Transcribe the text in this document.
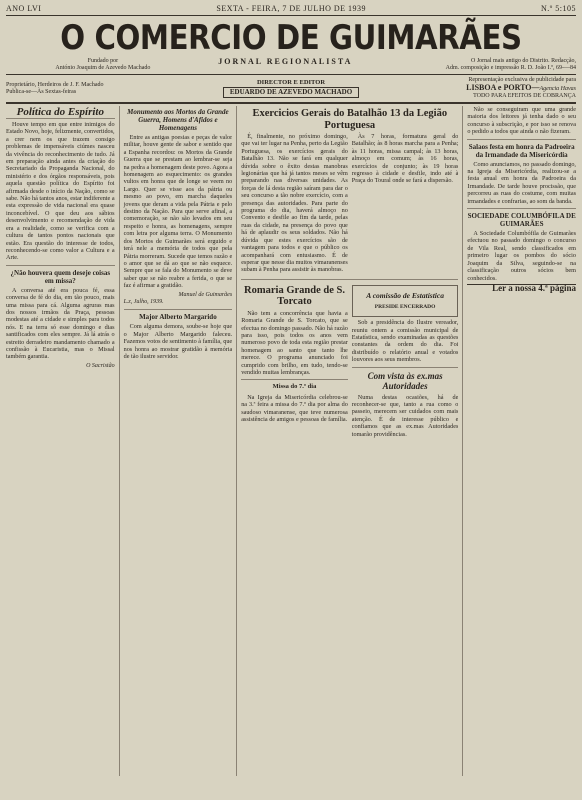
ANO LVI	SEXTA - FEIRA, 7 DE JULHO DE 1939	N.º 5:105
O COMERCIO DE GUIMARÃES
Fundado por
António Joaquim de Azevedo Machado
JORNAL REGIONALISTA	O Jornal mais antigo do Distrito. Redacção,
Adm. composição e impressão R. D. João I.º, 69-—84
Proprietário, Herdeiros de J. F. Machado
Publica-se—Às Sextas-feiras
DIRECTOR E EDITOR
EDUARDO DE AZEVEDO MACHADO
Representação exclusiva de publicidade para
LISBOA e PORTO—Agencia Havas
TODO PARA EFEITOS DE COBRANÇA
Política do Espírito

Houve tempo em que entre inimigos do Estado Novo, hoje, felizmente, convertidos, a crer nem os que trazem consigo problemas de impensáveis ciúmes nasceu da vivência do reconhecimento de tudo. Já em preparação ainda antes da criação do Secretariado da Propaganda Nacional, do ministério e dos órgãos responsáveis, pois aquela questão política do Espírito foi afirmada desde o início da Nação, como se sabe. Não há tantos anos, estar indiferente a esta expressão de vida nacional era quase inconcebível. O que deu aos sábios desenvolvimento e recomendação de vida era a realidade, como se verifica com a cultura de tantos pontos nacionais que estão. Era questão do interesse de todos, reconhecendo-se como valor a Cultura e a Arte.

¿Não houvera quem deseje coisas em missa?

A conversa até era pouca fé, essa conversa de fé do dia, em tão pouco, mais uma missa para cá. Alguma agruras mas dos nossos irmãos da Praça, pessoas modestas até a cidade e simples para todos nós. E na terra só esse domingo e dias santificados com eles sempre. Já lá atrás o estreito derradeiro mandamento chamado a confissão à Eucaristia, mas o Missal também garantia.

O Sacristão
Monumento aos Mortos da Grande Guerra, Homens d'Afidos e Homenagens

Entre as antigas poesias e peças de valor militar, houve gente de sabor e sentido que a Espanha recordou: os Mortos da Grande Guerra que se prestam ao lembrar-se seja na pedra a homenagem deste povo. Agora a homenagem ao esquecimento: os grandes vultos em honra que de longe se veem no Largo. Quer se visse aos da pátria ou mesmo ao povo, em marcha daqueles jovens que deram a vida pela Pátria e pelo destino da Nação. Para que serve afinal, a comemoração, se não são levados em seu respeito e honra, as homenagens, sempre com letra por alguma terra. O Monumento dos Mortos de Guimarães será erguido e terá nele a memória de todos que pela Pátria morreram. Sucede que temos razão e o amor que se dá ao que se não esquece. Sempre que se fala do Monumento se deve saber que se não reabre a ferida, o que se faz é afirmar a gratidão.

Manuel de Guimarães
L.z, Julho, 1939.
Major Alberto Margarido

Com alguma demora, soube-se hoje que o Major Alberto Margarido faleceu. Fazemos votos de sentimento à família, que nos honra ao mostrar gratidão à memória de tão ilustre servidor.

Exercicios Gerais do Batalhão 13 da Legião Portuguesa

É, finalmente, no próximo domingo, que vai ter lugar na Penha, perto da Legião Portuguesa, os exercícios gerais do Batalhão 13. Não se fará em qualquer dúvida sobre o êxito destas manobras legionárias que há já tantos meses se vêm preparando nas diversas unidades. As forças de lá desta região saíram para dar o seu concurso a tão nobre exercício, com a presença das autoridades. Para parte do programa do dia, haverá almoço no Convento e desfile ao fim da tarde, pelas ruas da cidade, na presença do povo que há de aplaudir os seus soldados. Não há dúvida que estes exercícios são de vantagem para todos e que o público os acompanhará com entusiasmo. É de esperar que nesse dia muitos vimaranenses subam à Penha para assistir às manobras.

Às 7 horas, formatura geral do Batalhão; às 8 horas marcha para a Penha; às 11 horas, missa campal; às 13 horas, almoço em comum; às 16 horas, exercícios de conjunto; às 19 horas regresso à cidade e desfile, indo até à Praça do Toural onde se fará a dispersão.

Romaria Grande de S. Torcato

Não tem a concorrência que havia a Romaria Grande de S. Torcato, que se efectua no domingo passado. Não há razão para isso, pois todos os anos vem numeroso povo de toda esta região prestar homenagem ao santo que tanto lhe merece. O programa anunciado foi cumprido com brilho, em tudo, tendo-se vendido muitas lembranças.

Missa do 7.º dia

Na Igreja da Misericórdia celebrou-se na 3.ª feira a missa do 7.º dia por alma do saudoso vimaranense, que teve numerosa assistência de amigos e pessoas de família.

A comissão de Estatística
PRESIDE ENCERRADO

Sob a presidência do Ilustre vereador, reuniu ontem a comissão municipal de Estatística, sendo examinadas as questões constantes da ordem do dia. Foi distribuído o relatório anual e votados louvores aos seus membros.

Com vista às ex.mas Autoridades

Numa destas ocasiões, há de reconhecer-se que, tanto a rua como o passeio, merecem ser cuidados com mais atenção. É de interesse público e confiamos que as ex.mas Autoridades tomarão providências.

Não se conseguiram que uma grande maioria dos leitores já tenha dado o seu concurso à subscrição, e por isso se renova o pedido a todos que ainda o não fizeram.

Salaos festa em honra da Padroeira da Irmandade da Misericórdia

Como anunciamos, no passado domingo, na Igreja da Misericórdia, realizou-se a festa anual em honra da Padroeira da Irmandade. De tarde houve procissão, que percorreu as ruas do costume, com muitas irmandades e confrarias, ao som da banda.

SOCIEDADE COLUMBÓFILA DE GUIMARÃES

A Sociedade Columbófila de Guimarães efectuou no passado domingo o concurso de Vila Real, sendo classificados em primeiro lugar os pombos do sócio Joaquim da Silva, seguindo-se na classificação outros sócios bem conhecidos.

Ler a nossa 4.ª página
